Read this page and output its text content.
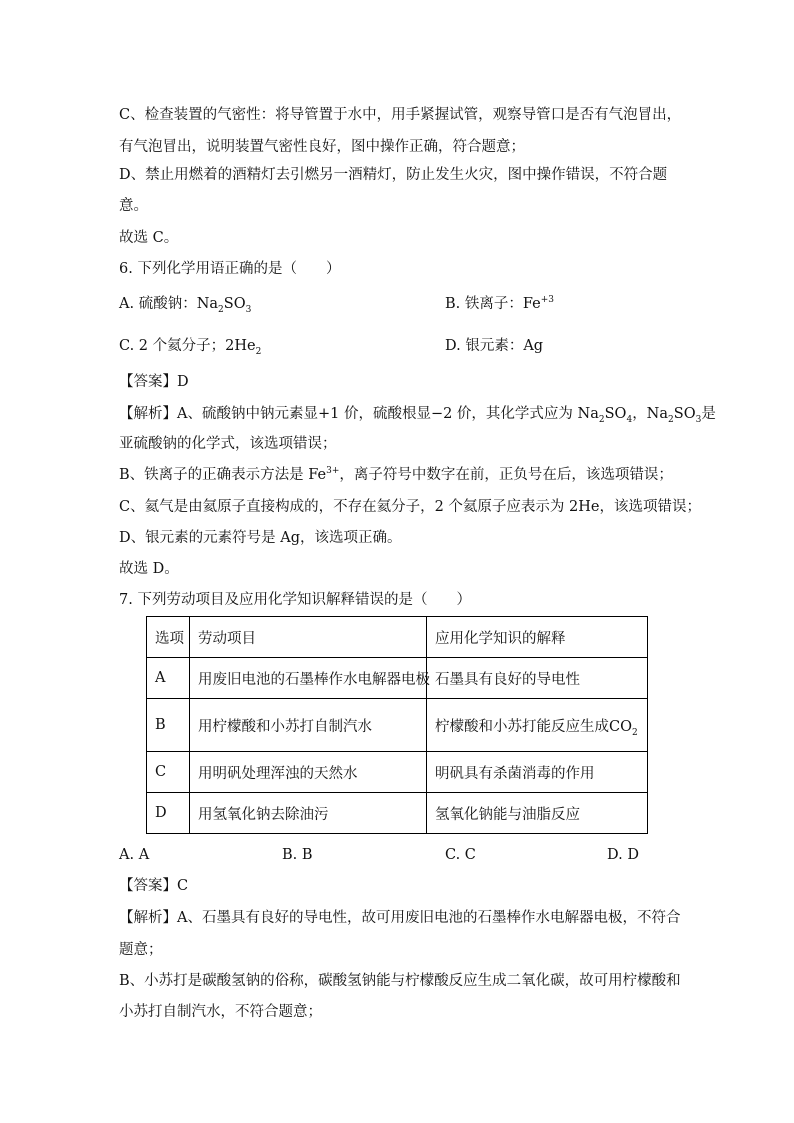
C、检查装置的气密性：将导管置于水中，用手紧握试管，观察导管口是否有气泡冒出，
有气泡冒出，说明装置气密性良好，图中操作正确，符合题意；
D、禁止用燃着的酒精灯去引燃另一酒精灯，防止发生火灾，图中操作错误，不符合题
意。
故选 C。
6. 下列化学用语正确的是（　　）
A. 硫酸钠：$Na_2SO_3$	B. 铁离子：$Fe^{+3}$
C. 2 个氦分子；$2He_2$	D. 银元素：Ag
【答案】D
【解析】A、硫酸钠中钠元素显+1 价，硫酸根显−2 价，其化学式应为 $Na_2SO_4$，$Na_2SO_3$是
亚硫酸钠的化学式，该选项错误；
B、铁离子的正确表示方法是 $Fe^{3+}$，离子符号中数字在前，正负号在后，该选项错误；
C、氦气是由氦原子直接构成的，不存在氦分子，2 个氦原子应表示为 2He，该选项错误；
D、银元素的元素符号是 Ag，该选项正确。
故选 D。
7. 下列劳动项目及应用化学知识解释错误的是（　　）
选项	劳动项目	应用化学知识的解释
A	用废旧电池的石墨棒作水电解器电极	石墨具有良好的导电性
B	用柠檬酸和小苏打自制汽水	柠檬酸和小苏打能反应生成$CO_2$
C	用明矾处理浑浊的天然水	明矾具有杀菌消毒的作用
D	用氢氧化钠去除油污	氢氧化钠能与油脂反应
A. A	B. B	C. C	D. D
【答案】C
【解析】A、石墨具有良好的导电性，故可用废旧电池的石墨棒作水电解器电极，不符合
题意；
B、小苏打是碳酸氢钠的俗称，碳酸氢钠能与柠檬酸反应生成二氧化碳，故可用柠檬酸和
小苏打自制汽水，不符合题意；
